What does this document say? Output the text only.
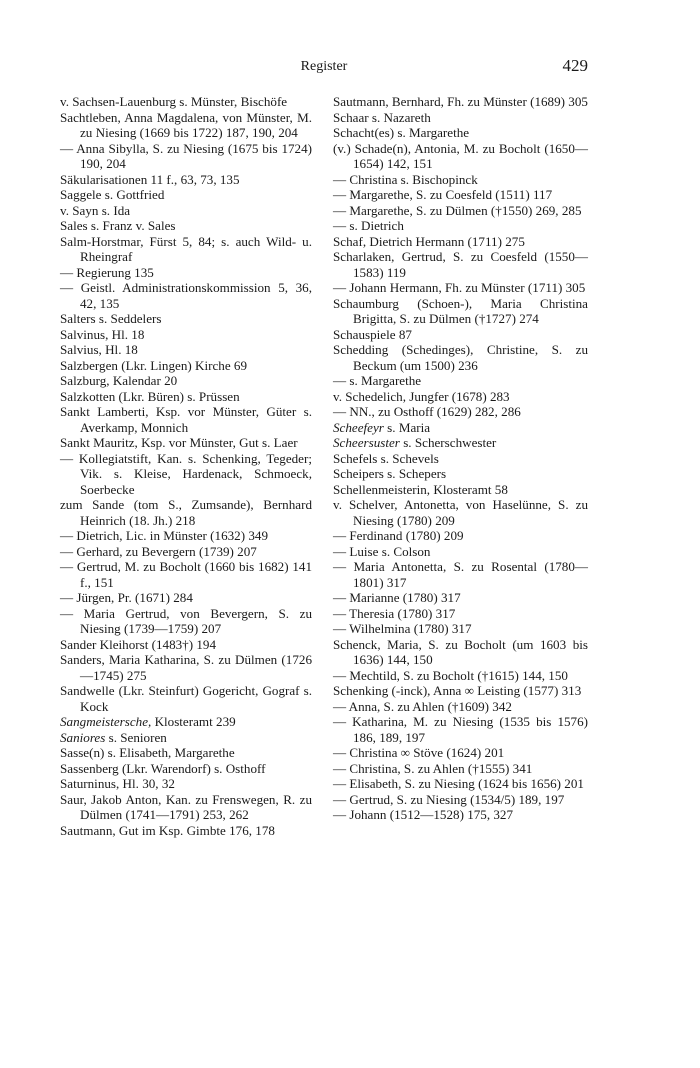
Register	429
v. Sachsen-Lauenburg s. Münster, Bischöfe
Sachtleben, Anna Magdalena, von Münster, M. zu Niesing (1669 bis 1722) 187, 190, 204
— Anna Sibylla, S. zu Niesing (1675 bis 1724) 190, 204
Säkularisationen 11 f., 63, 73, 135
Saggele s. Gottfried
v. Sayn s. Ida
Sales s. Franz v. Sales
Salm-Horstmar, Fürst 5, 84; s. auch Wild- u. Rheingraf
— Regierung 135
— Geistl. Administrationskommission 5, 36, 42, 135
Salters s. Seddelers
Salvinus, Hl. 18
Salvius, Hl. 18
Salzbergen (Lkr. Lingen) Kirche 69
Salzburg, Kalendar 20
Salzkotten (Lkr. Büren) s. Prüssen
Sankt Lamberti, Ksp. vor Münster, Güter s. Averkamp, Monnich
Sankt Mauritz, Ksp. vor Münster, Gut s. Laer
— Kollegiatstift, Kan. s. Schenking, Tegeder; Vik. s. Kleise, Hardenack, Schmoeck, Soerbecke
zum Sande (tom S., Zumsande), Bernhard Heinrich (18. Jh.) 218
— Dietrich, Lic. in Münster (1632) 349
— Gerhard, zu Bevergern (1739) 207
— Gertrud, M. zu Bocholt (1660 bis 1682) 141 f., 151
— Jürgen, Pr. (1671) 284
— Maria Gertrud, von Bevergern, S. zu Niesing (1739—1759) 207
Sander Kleihorst (1483†) 194
Sanders, Maria Katharina, S. zu Dülmen (1726—1745) 275
Sandwelle (Lkr. Steinfurt) Gogericht, Gograf s. Kock
Sangmeistersche, Klosteramt 239
Saniores s. Senioren
Sasse(n) s. Elisabeth, Margarethe
Sassenberg (Lkr. Warendorf) s. Osthoff
Saturninus, Hl. 30, 32
Saur, Jakob Anton, Kan. zu Frenswegen, R. zu Dülmen (1741—1791) 253, 262
Sautmann, Gut im Ksp. Gimbte 176, 178
Sautmann, Bernhard, Fh. zu Münster (1689) 305
Schaar s. Nazareth
Schacht(es) s. Margarethe
(v.) Schade(n), Antonia, M. zu Bocholt (1650—1654) 142, 151
— Christina s. Bischopinck
— Margarethe, S. zu Coesfeld (1511) 117
— Margarethe, S. zu Dülmen (†1550) 269, 285
— s. Dietrich
Schaf, Dietrich Hermann (1711) 275
Scharlaken, Gertrud, S. zu Coesfeld (1550—1583) 119
— Johann Hermann, Fh. zu Münster (1711) 305
Schaumburg (Schoen-), Maria Christina Brigitta, S. zu Dülmen (†1727) 274
Schauspiele 87
Schedding (Schedinges), Christine, S. zu Beckum (um 1500) 236
— s. Margarethe
v. Schedelich, Jungfer (1678) 283
— NN., zu Osthoff (1629) 282, 286
Scheefeyr s. Maria
Scheersuster s. Scherschwester
Schefels s. Schevels
Scheipers s. Schepers
Schellenmeisterin, Klosteramt 58
v. Schelver, Antonetta, von Haselünne, S. zu Niesing (1780) 209
— Ferdinand (1780) 209
— Luise s. Colson
— Maria Antonetta, S. zu Rosental (1780—1801) 317
— Marianne (1780) 317
— Theresia (1780) 317
— Wilhelmina (1780) 317
Schenck, Maria, S. zu Bocholt (um 1603 bis 1636) 144, 150
— Mechtild, S. zu Bocholt (†1615) 144, 150
Schenking (-inck), Anna ∞ Leisting (1577) 313
— Anna, S. zu Ahlen (†1609) 342
— Katharina, M. zu Niesing (1535 bis 1576) 186, 189, 197
— Christina ∞ Stöve (1624) 201
— Christina, S. zu Ahlen (†1555) 341
— Elisabeth, S. zu Niesing (1624 bis 1656) 201
— Gertrud, S. zu Niesing (1534/5) 189, 197
— Johann (1512—1528) 175, 327
